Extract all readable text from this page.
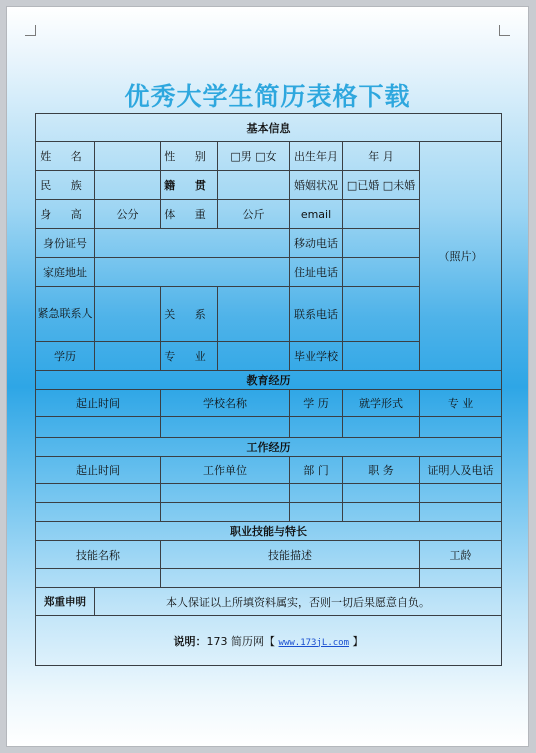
优秀大学生简历表格下载
基本信息						
姓 名		性 别	□男 □女	出生年月	年 月	（照片）
民 族		籍 贯		婚姻状况	□已婚 □未婚	
身 高	公分	体 重	公斤	email		
身份证号				移动电话		
家庭地址				住址电话		
紧急联系人		关 系		联系电话		
学历		专 业		毕业学校		
教育经历						
起止时间		学校名称		学 历	就学形式	专 业

工作经历						
起止时间		工作单位		部 门	职 务	证明人及电话

职业技能与特长						
技能名称		技能描述				工龄

郑重申明	本人保证以上所填资料属实，否则一切后果愿意自负。					
说明：173 简历网【 www.173jL.com 】						
